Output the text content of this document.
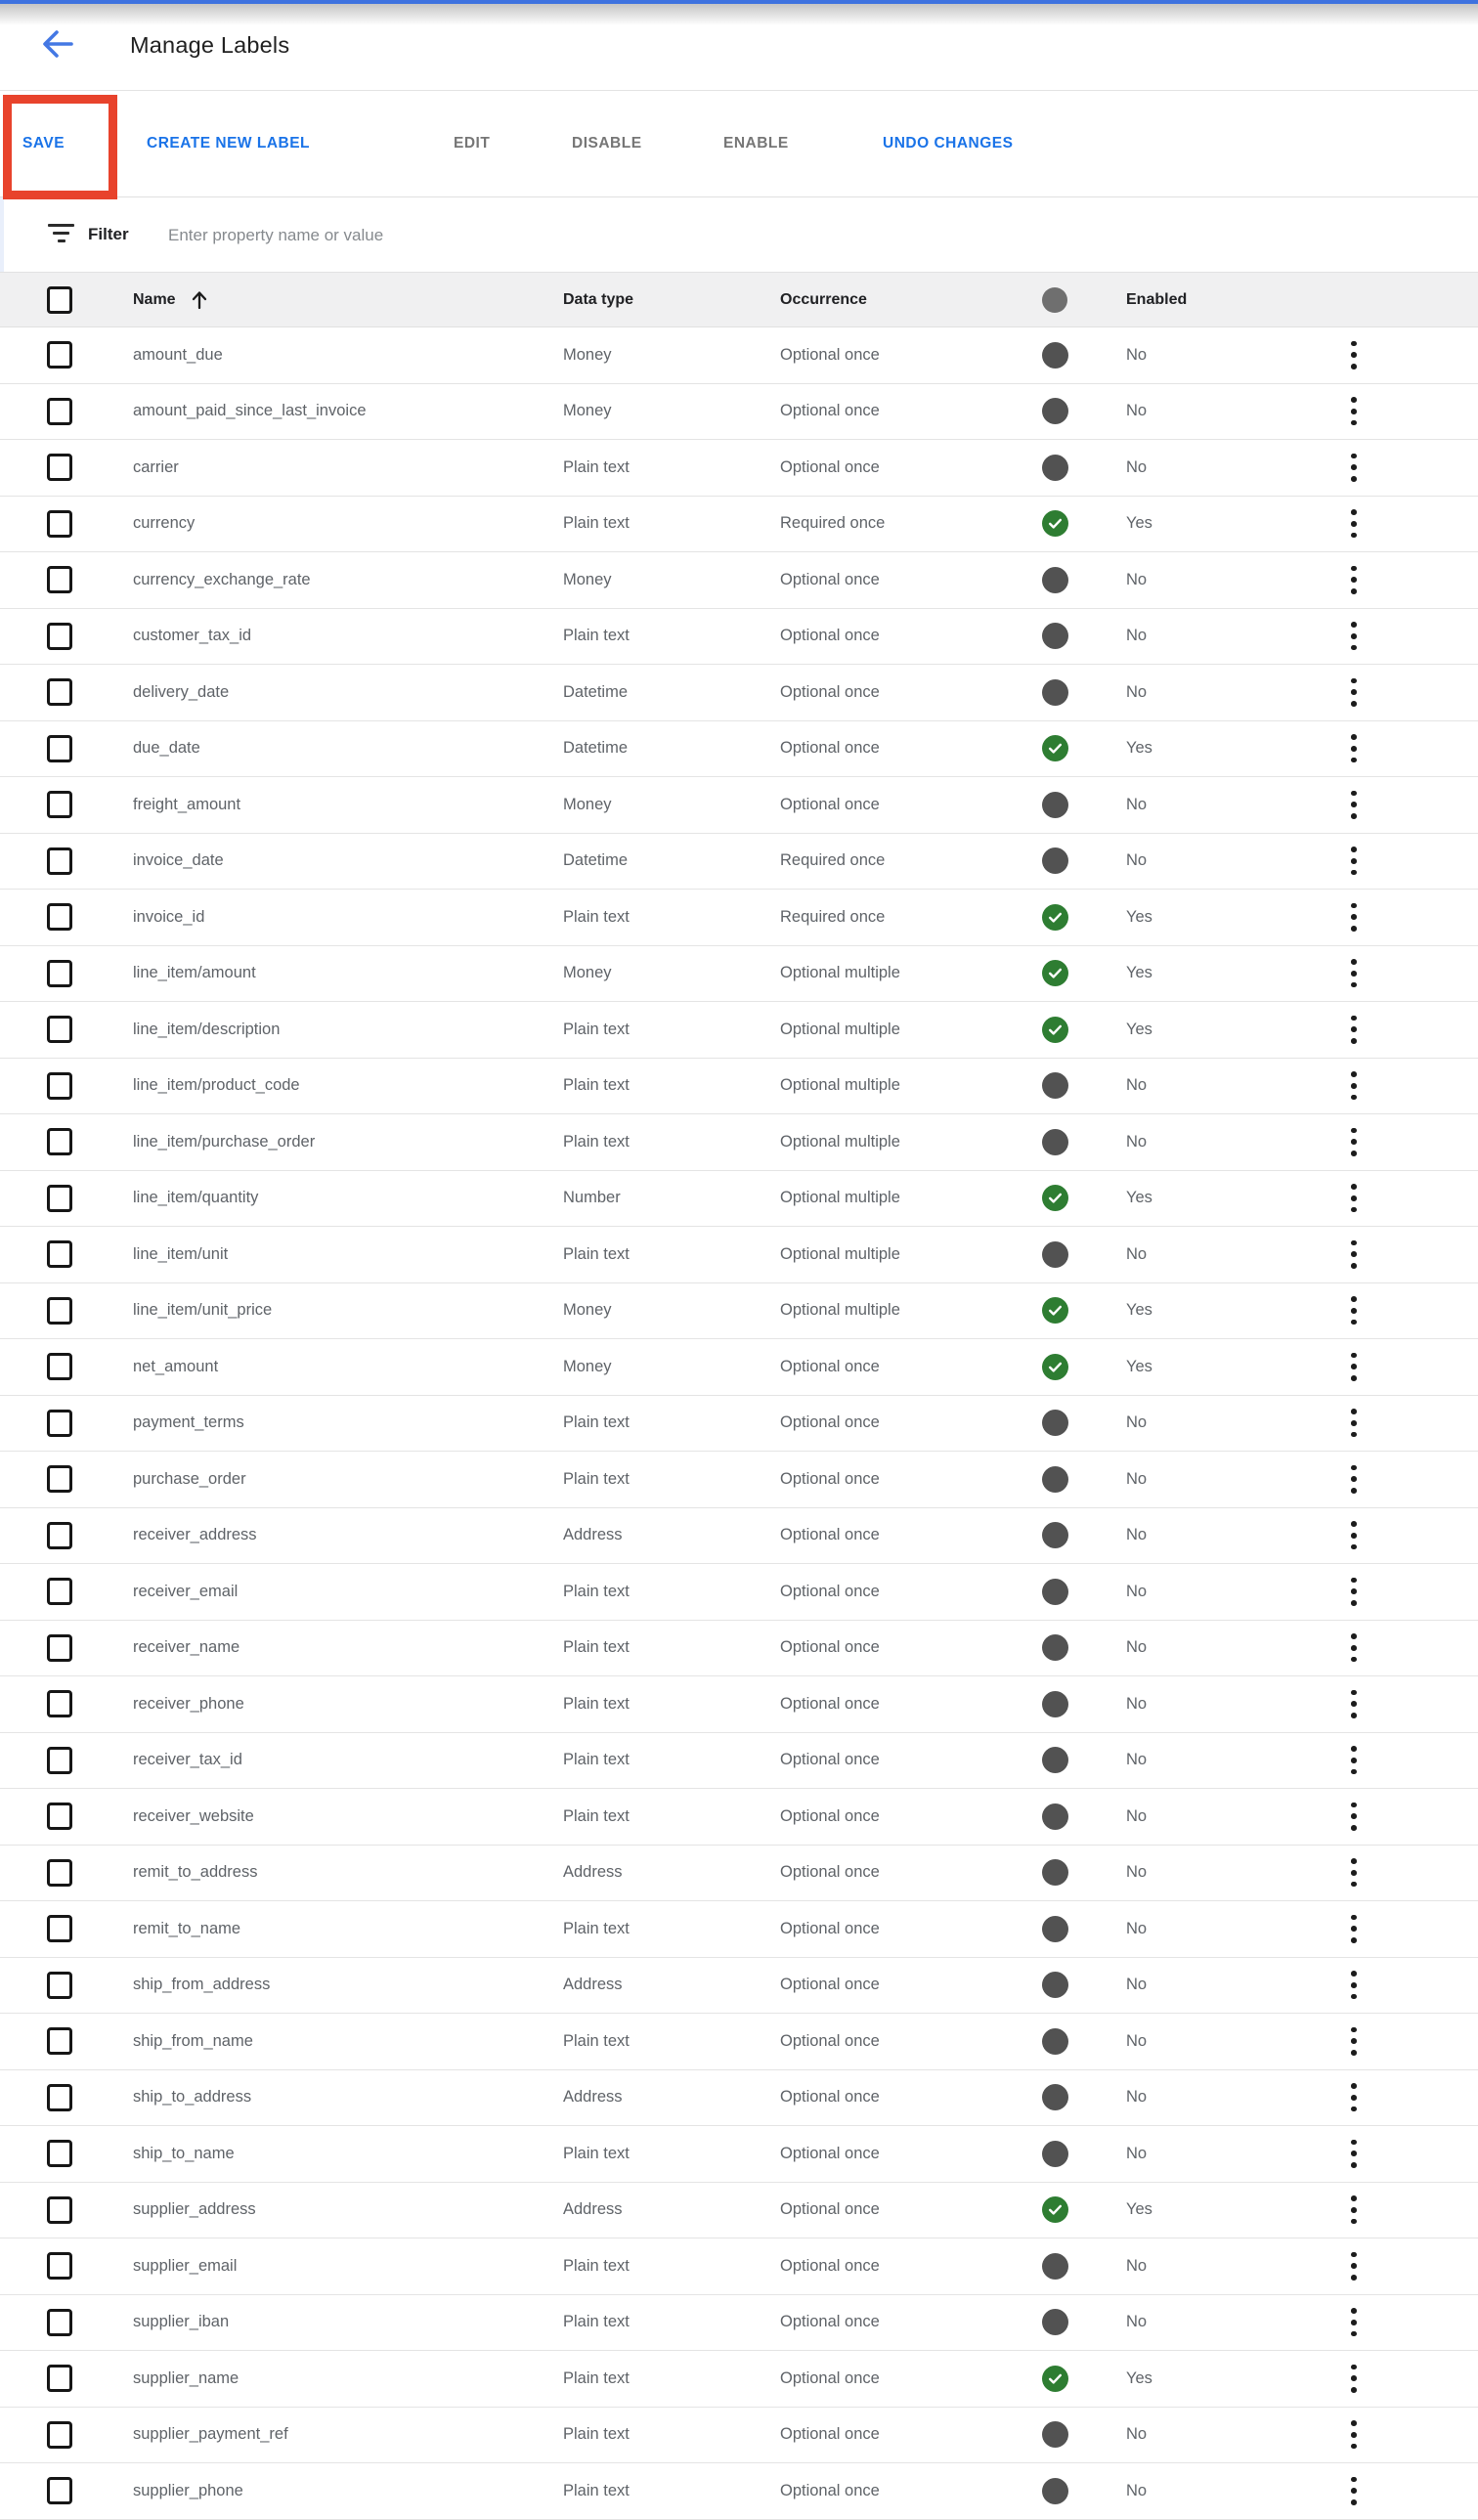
Manage Labels
SAVE	CREATE NEW LABEL	EDIT	DISABLE	ENABLE	UNDO CHANGES
Filter
Enter property name or value
Name	Data type	Occurrence	Enabled
amount_due	Money	Optional once	No
amount_paid_since_last_invoice	Money	Optional once	No
carrier	Plain text	Optional once	No
currency	Plain text	Required once	Yes
currency_exchange_rate	Money	Optional once	No
customer_tax_id	Plain text	Optional once	No
delivery_date	Datetime	Optional once	No
due_date	Datetime	Optional once	Yes
freight_amount	Money	Optional once	No
invoice_date	Datetime	Required once	No
invoice_id	Plain text	Required once	Yes
line_item/amount	Money	Optional multiple	Yes
line_item/description	Plain text	Optional multiple	Yes
line_item/product_code	Plain text	Optional multiple	No
line_item/purchase_order	Plain text	Optional multiple	No
line_item/quantity	Number	Optional multiple	Yes
line_item/unit	Plain text	Optional multiple	No
line_item/unit_price	Money	Optional multiple	Yes
net_amount	Money	Optional once	Yes
payment_terms	Plain text	Optional once	No
purchase_order	Plain text	Optional once	No
receiver_address	Address	Optional once	No
receiver_email	Plain text	Optional once	No
receiver_name	Plain text	Optional once	No
receiver_phone	Plain text	Optional once	No
receiver_tax_id	Plain text	Optional once	No
receiver_website	Plain text	Optional once	No
remit_to_address	Address	Optional once	No
remit_to_name	Plain text	Optional once	No
ship_from_address	Address	Optional once	No
ship_from_name	Plain text	Optional once	No
ship_to_address	Address	Optional once	No
ship_to_name	Plain text	Optional once	No
supplier_address	Address	Optional once	Yes
supplier_email	Plain text	Optional once	No
supplier_iban	Plain text	Optional once	No
supplier_name	Plain text	Optional once	Yes
supplier_payment_ref	Plain text	Optional once	No
supplier_phone	Plain text	Optional once	No
